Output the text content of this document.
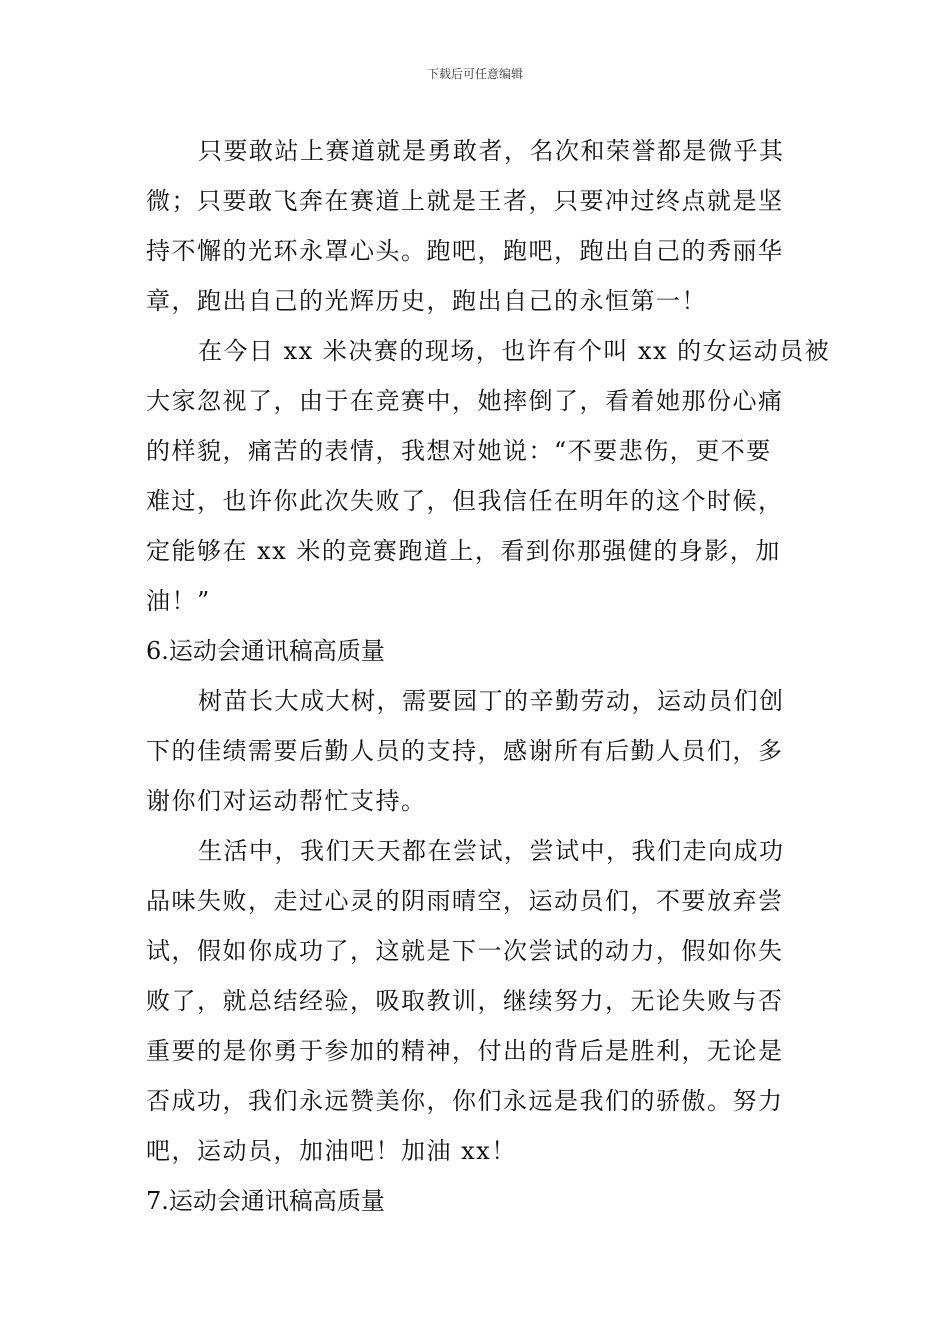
下载后可任意编辑
只要敢站上赛道就是勇敢者，名次和荣誉都是微乎其
微；只要敢飞奔在赛道上就是王者，只要冲过终点就是坚
持不懈的光环永罩心头。跑吧，跑吧，跑出自己的秀丽华
章，跑出自己的光辉历史，跑出自己的永恒第一！
在今日 xx 米决赛的现场，也许有个叫 xx 的女运动员被
大家忽视了，由于在竞赛中，她摔倒了，看着她那份心痛
的样貌，痛苦的表情，我想对她说：“不要悲伤，更不要
难过，也许你此次失败了，但我信任在明年的这个时候，
定能够在 xx 米的竞赛跑道上，看到你那强健的身影，加
油！”
6.运动会通讯稿高质量
树苗长大成大树，需要园丁的辛勤劳动，运动员们创
下的佳绩需要后勤人员的支持，感谢所有后勤人员们，多
谢你们对运动帮忙支持。
生活中，我们天天都在尝试，尝试中，我们走向成功
品味失败，走过心灵的阴雨晴空，运动员们，不要放弃尝
试，假如你成功了，这就是下一次尝试的动力，假如你失
败了，就总结经验，吸取教训，继续努力，无论失败与否
重要的是你勇于参加的精神，付出的背后是胜利，无论是
否成功，我们永远赞美你，你们永远是我们的骄傲。努力
吧，运动员，加油吧！加油 xx！
7.运动会通讯稿高质量
